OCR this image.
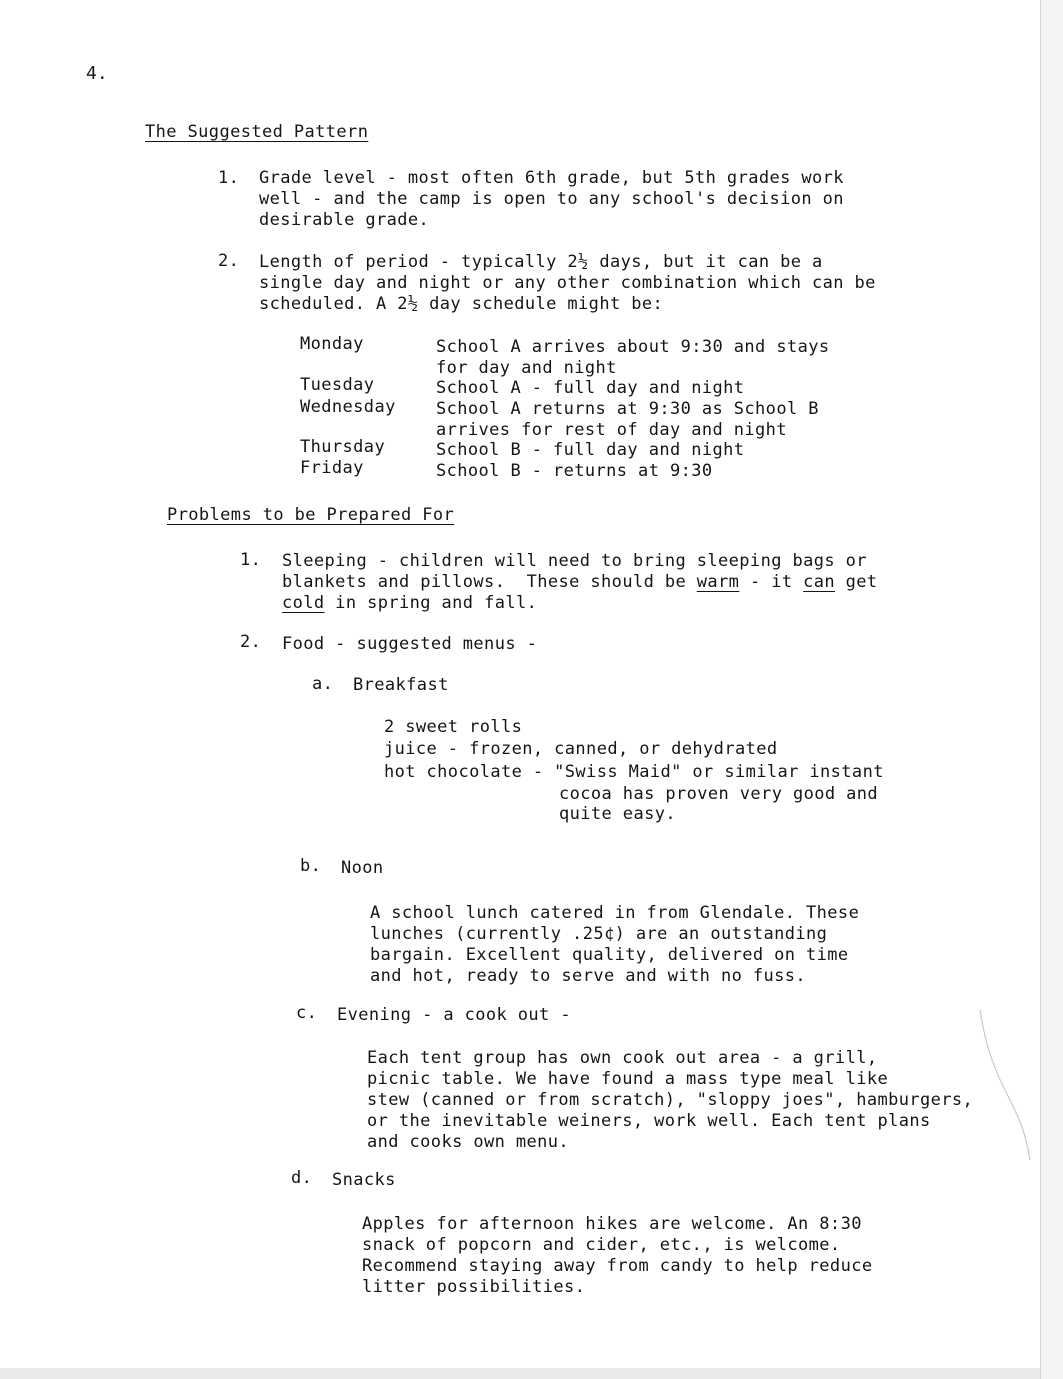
4.
The Suggested Pattern
1. Grade level - most often 6th grade, but 5th grades work
well - and the camp is open to any school's decision on
desirable grade.
2. Length of period - typically 2½ days, but it can be a
single day and night or any other combination which can be
scheduled. A 2½ day schedule might be:
Monday	School A arrives about 9:30 and stays
for day and night
Tuesday	School A - full day and night
Wednesday School A returns at 9:30 as School B
arrives for rest of day and night
Thursday	School B - full day and night
Friday	School B - returns at 9:30
Problems to be Prepared For
1. Sleeping - children will need to bring sleeping bags or
blankets and pillows.  These should be warm - it can get
cold in spring and fall.
2. Food - suggested menus -
a. Breakfast
2 sweet rolls
juice - frozen, canned, or dehydrated
hot chocolate - "Swiss Maid" or similar instant
cocoa has proven very good and
quite easy.
b. Noon
A school lunch catered in from Glendale. These
lunches (currently .25¢) are an outstanding
bargain. Excellent quality, delivered on time
and hot, ready to serve and with no fuss.
c. Evening - a cook out -
Each tent group has own cook out area - a grill,
picnic table. We have found a mass type meal like
stew (canned or from scratch), "sloppy joes", hamburgers,
or the inevitable weiners, work well. Each tent plans
and cooks own menu.
d. Snacks
Apples for afternoon hikes are welcome. An 8:30
snack of popcorn and cider, etc., is welcome.
Recommend staying away from candy to help reduce
litter possibilities.
